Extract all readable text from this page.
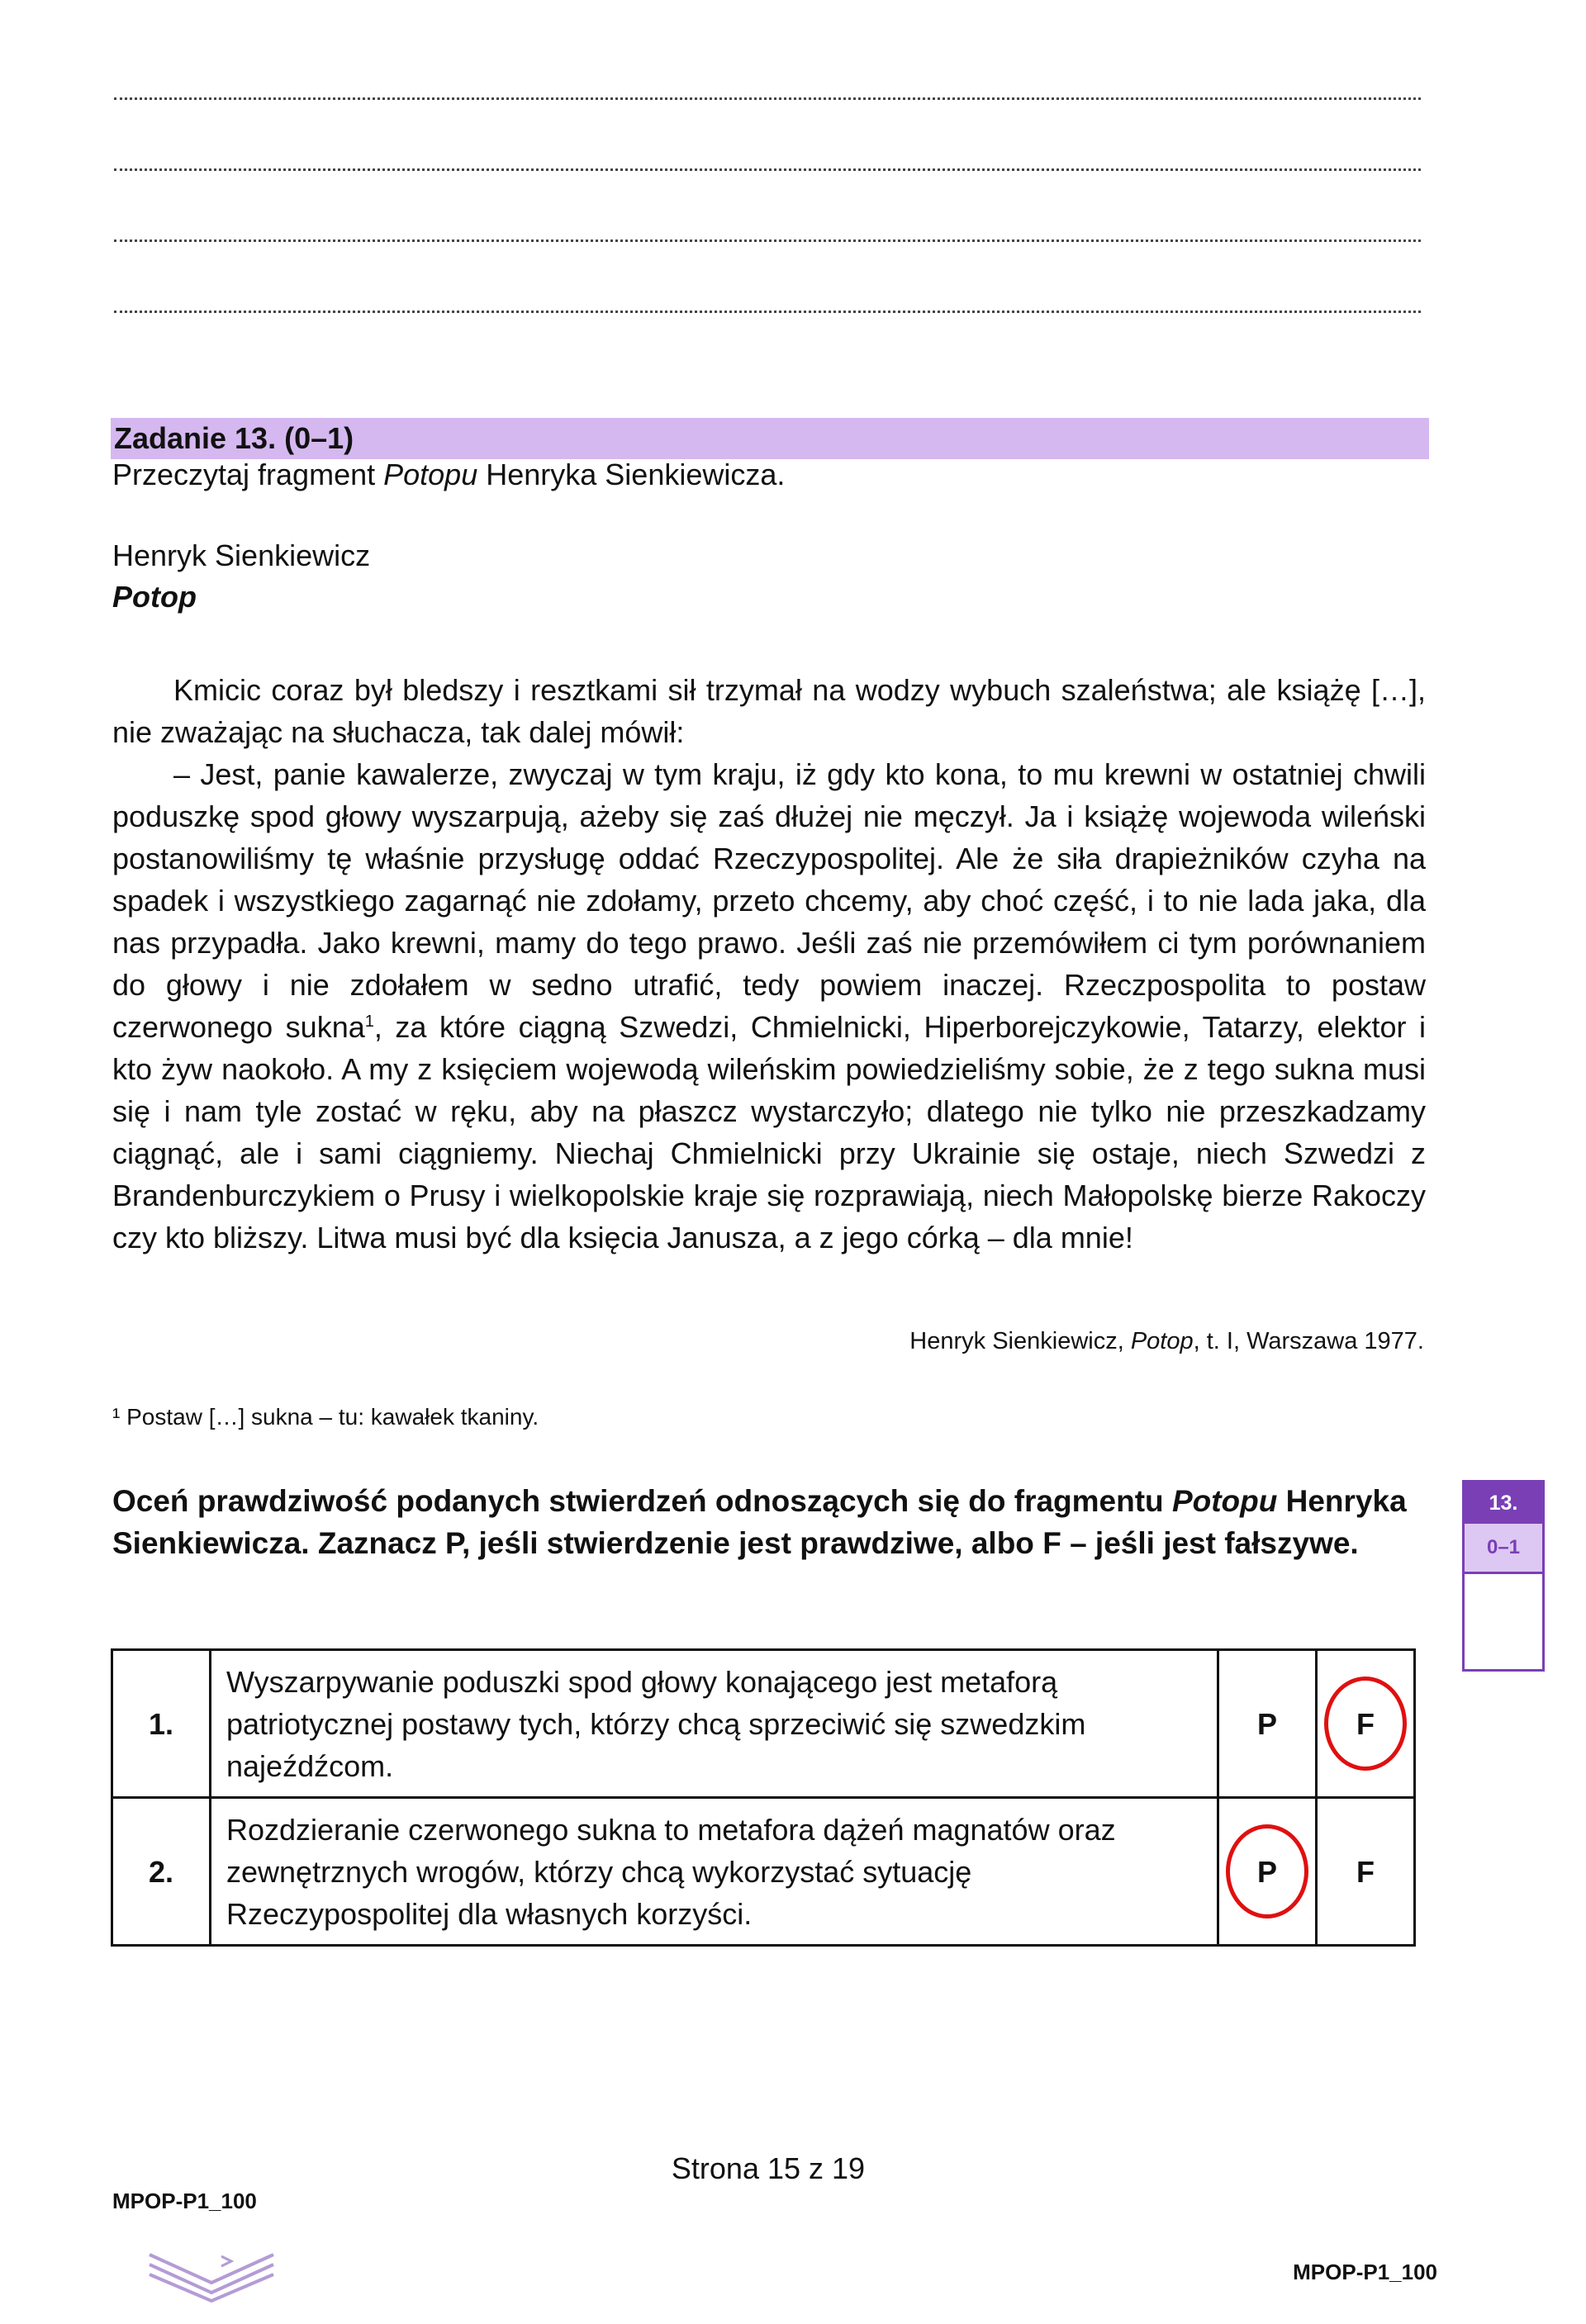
Zadanie 13. (0–1)

Przeczytaj fragment Potopu Henryka Sienkiewicza.

Henryk Sienkiewicz

Potop

Kmicic coraz był bledszy i resztkami sił trzymał na wodzy wybuch szaleństwa; ale książę […], nie zważając na słuchacza, tak dalej mówił:

– Jest, panie kawalerze, zwyczaj w tym kraju, iż gdy kto kona, to mu krewni w ostatniej chwili poduszkę spod głowy wyszarpują, ażeby się zaś dłużej nie męczył. Ja i książę wojewoda wileński postanowiliśmy tę właśnie przysługę oddać Rzeczypospolitej. Ale że siła drapieżników czyha na spadek i wszystkiego zagarnąć nie zdołamy, przeto chcemy, aby choć część, i to nie lada jaka, dla nas przypadła. Jako krewni, mamy do tego prawo. Jeśli zaś nie przemówiłem ci tym porównaniem do głowy i nie zdołałem w sedno utrafić, tedy powiem inaczej. Rzeczpospolita to postaw czerwonego sukna$^1$, za które ciągną Szwedzi, Chmielnicki, Hiperborejczykowie, Tatarzy, elektor i kto żyw naokoło. A my z księciem wojewodą wileńskim powiedzieliśmy sobie, że z tego sukna musi się i nam tyle zostać w ręku, aby na płaszcz wystarczyło; dlatego nie tylko nie przeszkadzamy ciągnąć, ale i sami ciągniemy. Niechaj Chmielnicki przy Ukrainie się ostaje, niech Szwedzi z Brandenburczykiem o Prusy i wielkopolskie kraje się rozprawiają, niech Małopolskę bierze Rakoczy czy kto bliższy. Litwa musi być dla księcia Janusza, a z jego córką – dla mnie!

Henryk Sienkiewicz, Potop, t. I, Warszawa 1977.
¹ Postaw […] sukna – tu: kawałek tkaniny.

Oceń prawdziwość podanych stwierdzeń odnoszących się do fragmentu Potopu Henryka Sienkiewicza. Zaznacz P, jeśli stwierdzenie jest prawdziwe, albo F – jeśli jest fałszywe.

13.
0–1
1.	Wyszarpywanie poduszki spod głowy konającego jest metaforą patriotycznej postawy tych, którzy chcą sprzeciwić się szwedzkim najeźdźcom.	P	F
2.	Rozdzieranie czerwonego sukna to metafora dążeń magnatów oraz zewnętrznych wrogów, którzy chcą wykorzystać sytuację Rzeczypospolitej dla własnych korzyści.	P	F
Strona 15 z 19
MPOP-P1_100
MPOP-P1_100
